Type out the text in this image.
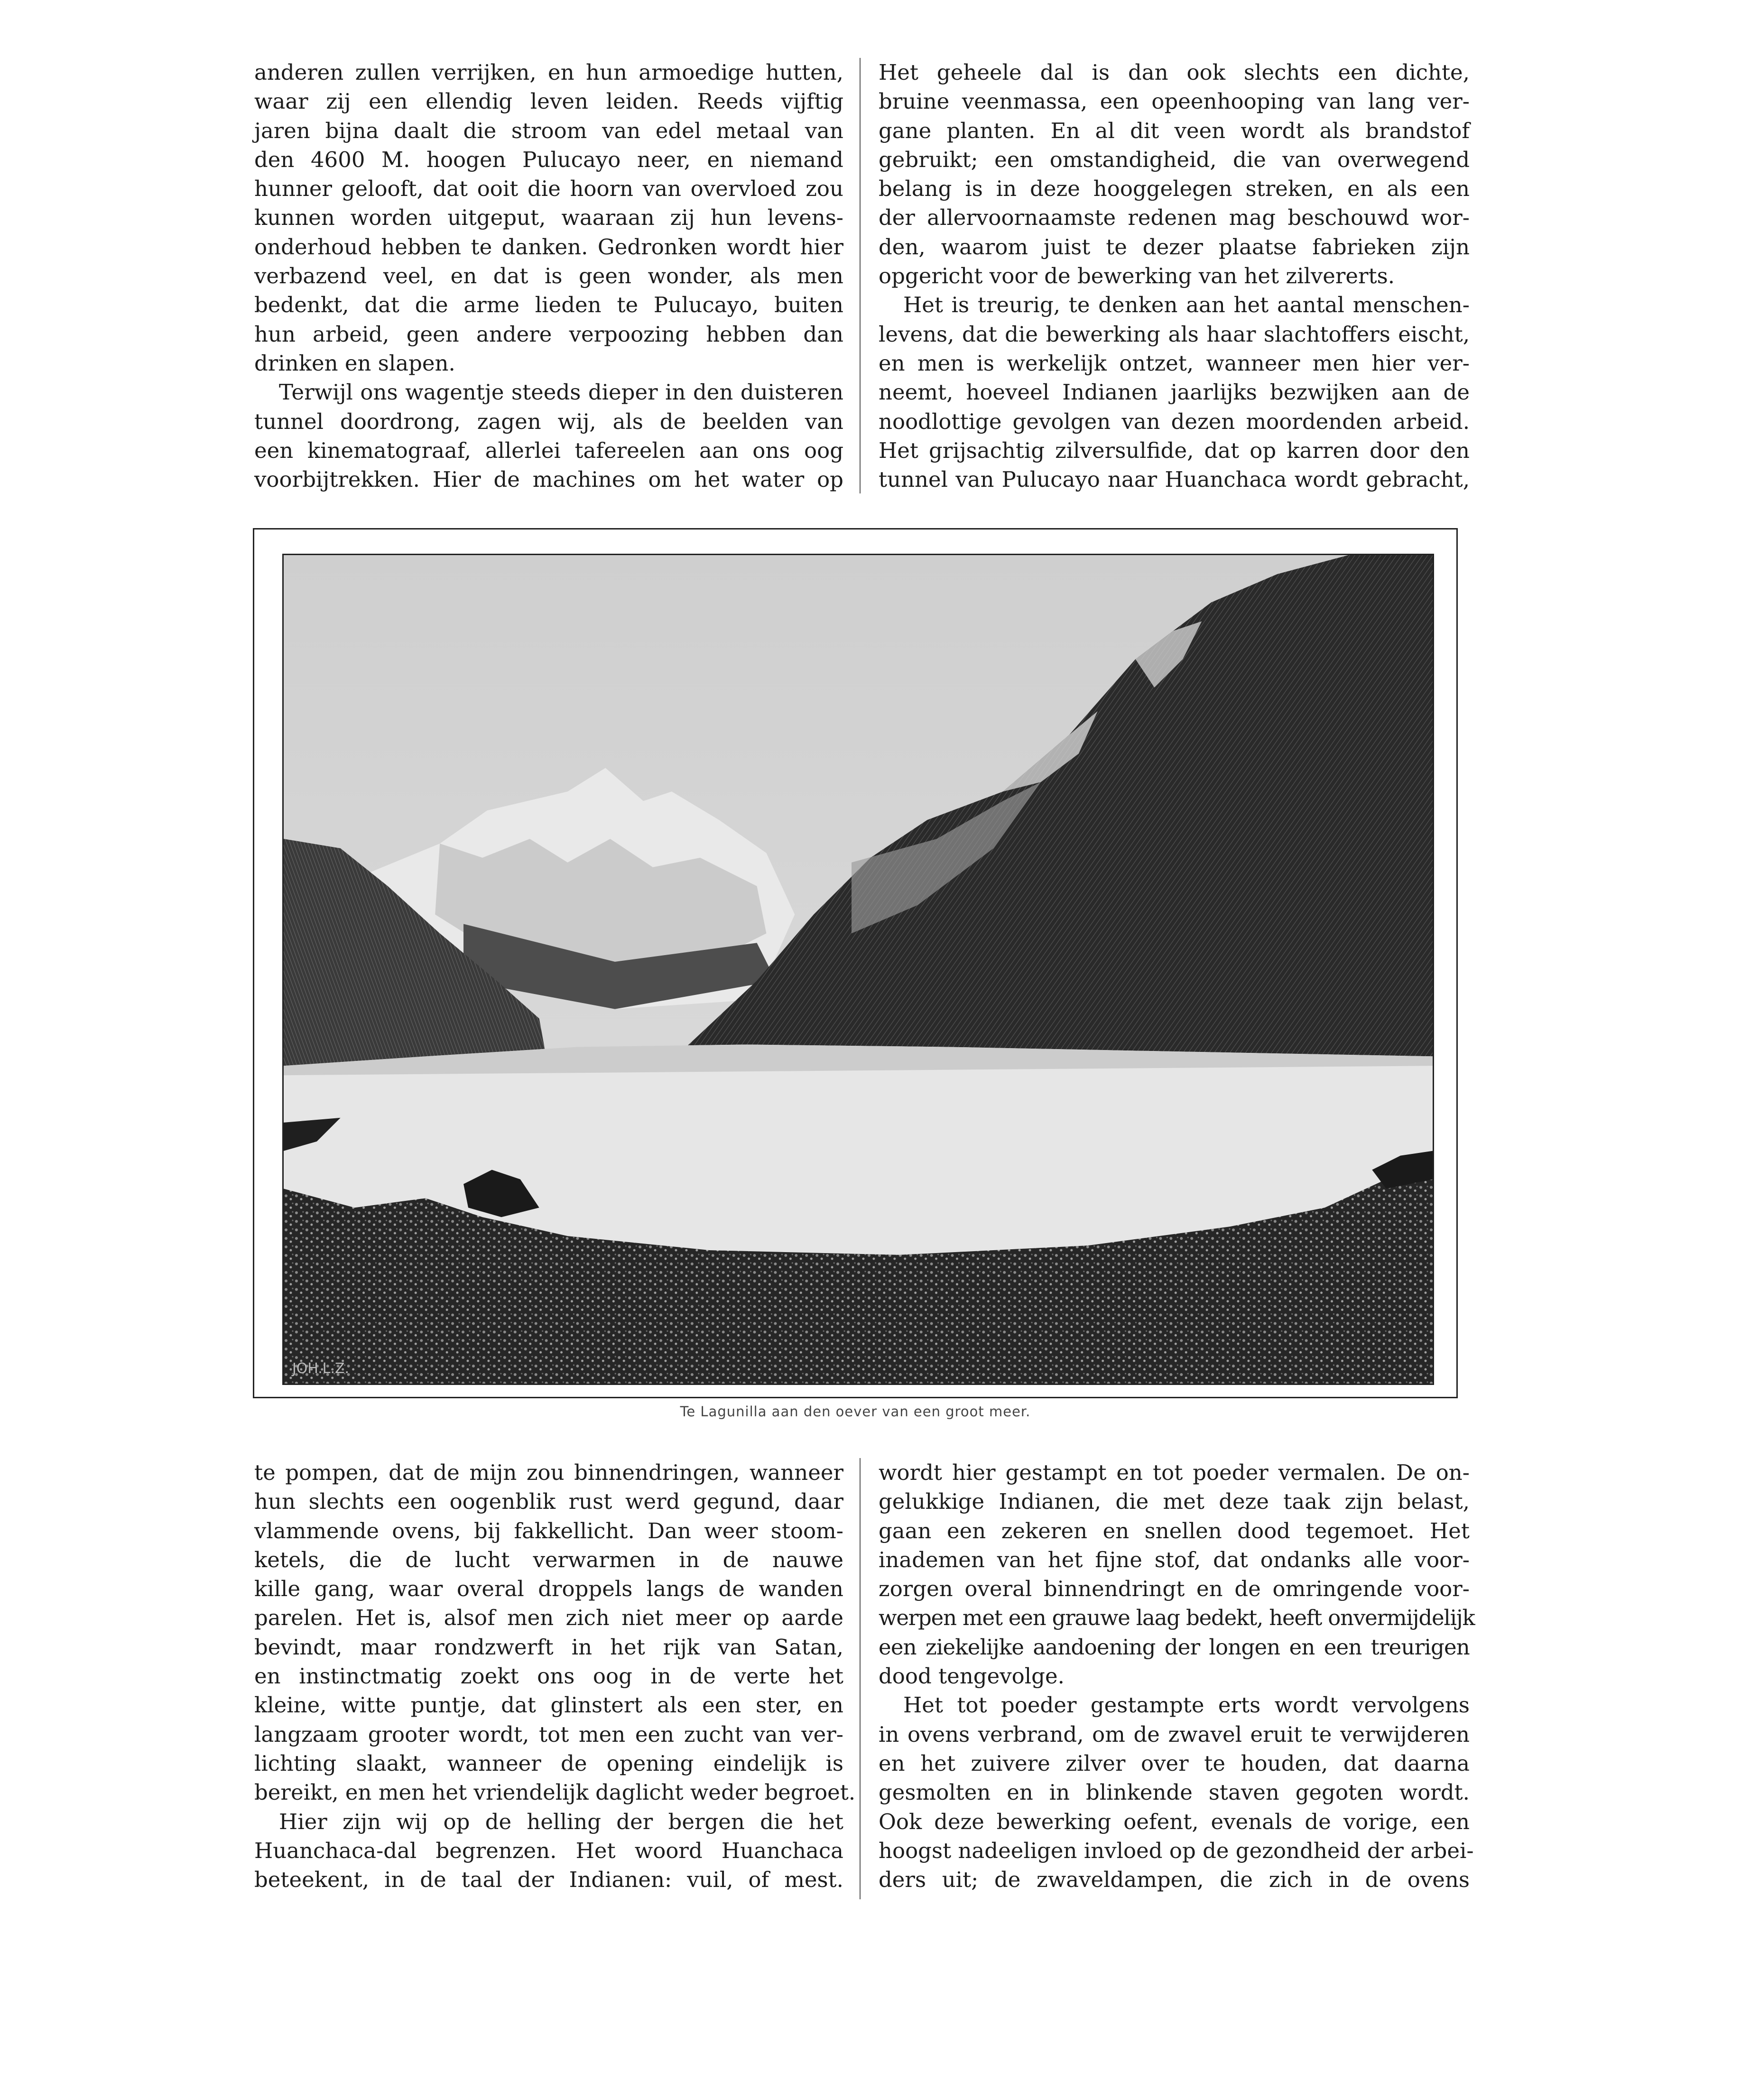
anderen zullen verrijken, en hun armoedige hutten,
waar zij een ellendig leven leiden. Reeds vijftig
jaren bijna daalt die stroom van edel metaal van
den 4600 M. hoogen Pulucayo neer, en niemand
hunner gelooft, dat ooit die hoorn van overvloed zou
kunnen worden uitgeput, waaraan zij hun levens-
onderhoud hebben te danken. Gedronken wordt hier
verbazend veel, en dat is geen wonder, als men
bedenkt, dat die arme lieden te Pulucayo, buiten
hun arbeid, geen andere verpoozing hebben dan
drinken en slapen.
Terwijl ons wagentje steeds dieper in den duisteren
tunnel doordrong, zagen wij, als de beelden van
een kinematograaf, allerlei tafereelen aan ons oog
voorbijtrekken. Hier de machines om het water op
Het geheele dal is dan ook slechts een dichte,
bruine veenmassa, een opeenhooping van lang ver-
gane planten. En al dit veen wordt als brandstof
gebruikt; een omstandigheid, die van overwegend
belang is in deze hooggelegen streken, en als een
der allervoornaamste redenen mag beschouwd wor-
den, waarom juist te dezer plaatse fabrieken zijn
opgericht voor de bewerking van het zilvererts.
Het is treurig, te denken aan het aantal menschen-
levens, dat die bewerking als haar slachtoffers eischt,
en men is werkelijk ontzet, wanneer men hier ver-
neemt, hoeveel Indianen jaarlijks bezwijken aan de
noodlottige gevolgen van dezen moordenden arbeid.
Het grijsachtig zilversulfide, dat op karren door den
tunnel van Pulucayo naar Huanchaca wordt gebracht,
JOH.L.Z.
Te Lagunilla aan den oever van een groot meer.
te pompen, dat de mijn zou binnendringen, wanneer
hun slechts een oogenblik rust werd gegund, daar
vlammende ovens, bij fakkellicht. Dan weer stoom-
ketels, die de lucht verwarmen in de nauwe
kille gang, waar overal droppels langs de wanden
parelen. Het is, alsof men zich niet meer op aarde
bevindt, maar rondzwerft in het rijk van Satan,
en instinctmatig zoekt ons oog in de verte het
kleine, witte puntje, dat glinstert als een ster, en
langzaam grooter wordt, tot men een zucht van ver-
lichting slaakt, wanneer de opening eindelijk is
bereikt, en men het vriendelijk daglicht weder begroet.
Hier zijn wij op de helling der bergen die het
Huanchaca-dal begrenzen. Het woord Huanchaca
beteekent, in de taal der Indianen: vuil, of mest.
wordt hier gestampt en tot poeder vermalen. De on-
gelukkige Indianen, die met deze taak zijn belast,
gaan een zekeren en snellen dood tegemoet. Het
inademen van het fijne stof, dat ondanks alle voor-
zorgen overal binnendringt en de omringende voor-
werpen met een grauwe laag bedekt, heeft onvermijdelijk
een ziekelijke aandoening der longen en een treurigen
dood tengevolge.
Het tot poeder gestampte erts wordt vervolgens
in ovens verbrand, om de zwavel eruit te verwijderen
en het zuivere zilver over te houden, dat daarna
gesmolten en in blinkende staven gegoten wordt.
Ook deze bewerking oefent, evenals de vorige, een
hoogst nadeeligen invloed op de gezondheid der arbei-
ders uit; de zwaveldampen, die zich in de ovens
